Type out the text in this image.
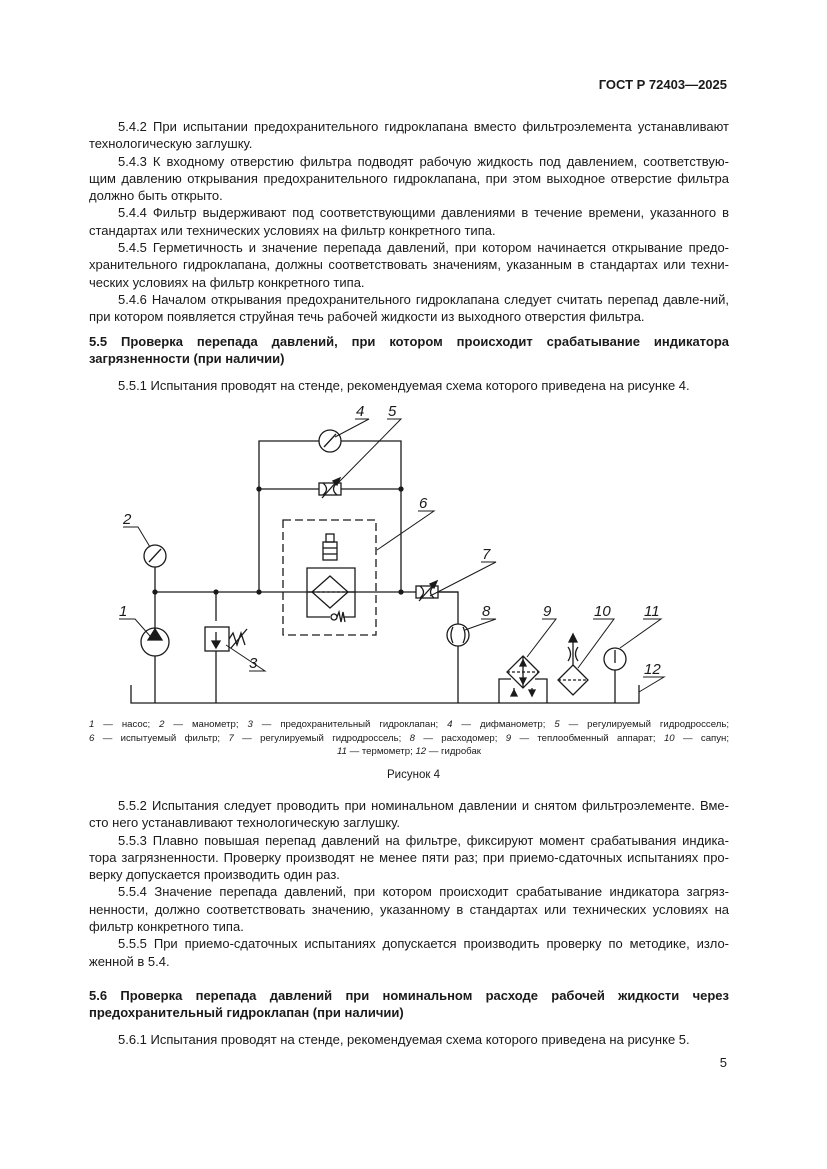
ГОСТ Р 72403—2025

5.4.2 При испытании предохранительного гидроклапана вместо фильтроэлемента устанавливают технологическую заглушку.

5.4.3 К входному отверстию фильтра подводят рабочую жидкость под давлением, соответствую-щим давлению открывания предохранительного гидроклапана, при этом выходное отверстие фильтра должно быть открыто.

5.4.4 Фильтр выдерживают под соответствующими давлениями в течение времени, указанного в стандартах или технических условиях на фильтр конкретного типа.

5.4.5 Герметичность и значение перепада давлений, при котором начинается открывание предо-хранительного гидроклапана, должны соответствовать значениям, указанным в стандартах или техни-ческих условиях на фильтр конкретного типа.

5.4.6 Началом открывания предохранительного гидроклапана следует считать перепад давле-ний, при котором появляется струйная течь рабочей жидкости из выходного отверстия фильтра.

5.5 Проверка перепада давлений, при котором происходит срабатывание индикатора загрязненности (при наличии)

5.5.1 Испытания проводят на стенде, рекомендуемая схема которого приведена на рисунке 4.

1
2
3
4 5
6
7
8	9	10 11
12

1 — насос; 2 — манометр; 3 — предохранительный гидроклапан; 4 — дифманометр; 5 — регулируемый гидродроссель;

6 — испытуемый фильтр; 7 — регулируемый гидродроссель; 8 — расходомер; 9 — теплообменный аппарат; 10 — сапун;

11 — термометр; 12 — гидробак

Рисунок 4

5.5.2 Испытания следует проводить при номинальном давлении и снятом фильтроэлементе. Вме-сто него устанавливают технологическую заглушку.

5.5.3 Плавно повышая перепад давлений на фильтре, фиксируют момент срабатывания индика-тора загрязненности. Проверку производят не менее пяти раз; при приемо-сдаточных испытаниях про-верку допускается производить один раз.

5.5.4 Значение перепада давлений, при котором происходит срабатывание индикатора загряз-ненности, должно соответствовать значению, указанному в стандартах или технических условиях на фильтр конкретного типа.

5.5.5 При приемо-сдаточных испытаниях допускается производить проверку по методике, изло-женной в 5.4.

5.6 Проверка перепада давлений при номинальном расходе рабочей жидкости через предохранительный гидроклапан (при наличии)

5.6.1 Испытания проводят на стенде, рекомендуемая схема которого приведена на рисунке 5.

5
